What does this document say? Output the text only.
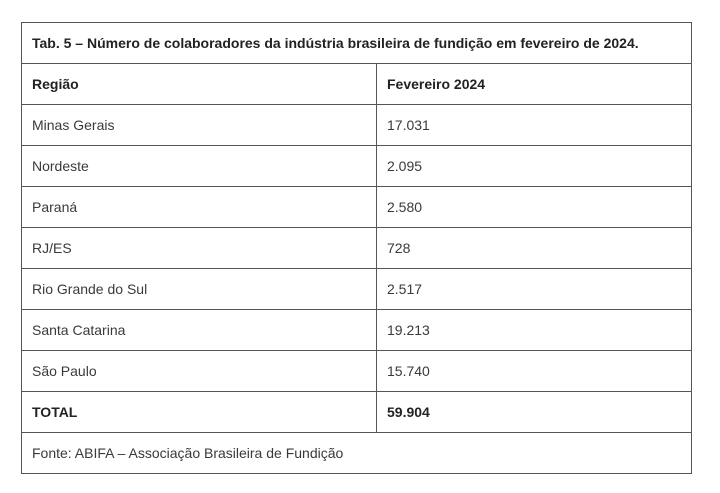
Tab. 5 – Número de colaboradores da indústria brasileira de fundição em fevereiro de 2024.	
Região	Fevereiro 2024
Minas Gerais	17.031
Nordeste	2.095
Paraná	2.580
RJ/ES	728
Rio Grande do Sul	2.517
Santa Catarina	19.213
São Paulo	15.740
TOTAL	59.904
Fonte: ABIFA – Associação Brasileira de Fundição	
